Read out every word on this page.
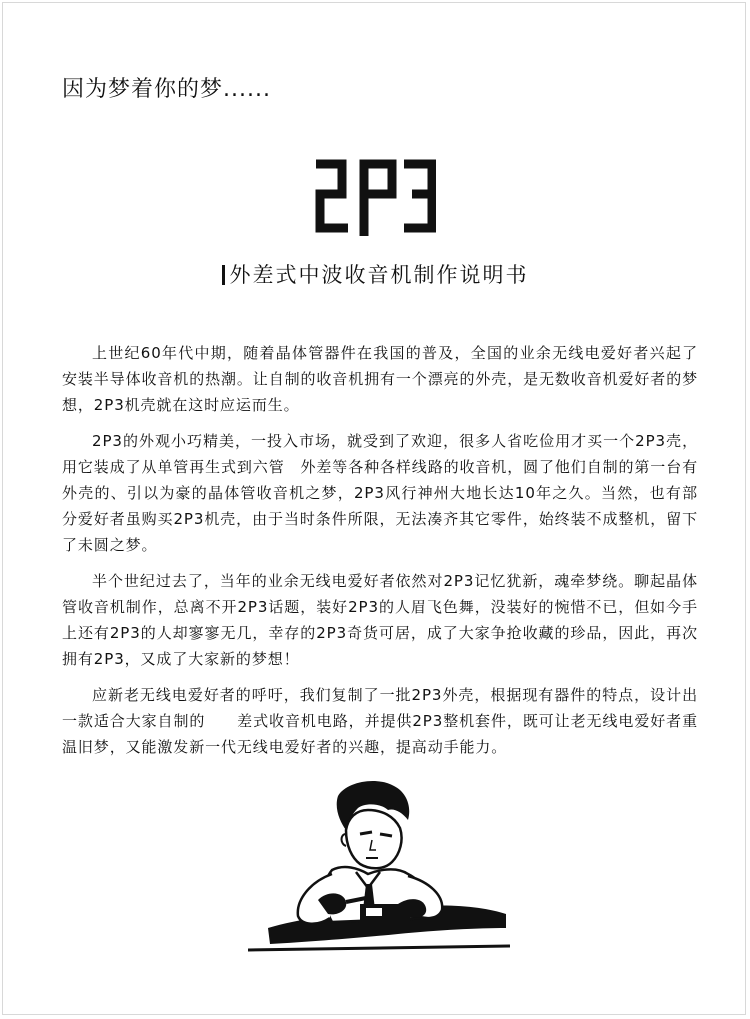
因为梦着你的梦......
外差式中波收音机制作说明书

上世纪60年代中期，随着晶体管器件在我国的普及，全国的业余无线电爱好者兴起了安装半导体收音机的热潮。让自制的收音机拥有一个漂亮的外壳，是无数收音机爱好者的梦想，2P3机壳就在这时应运而生。

2P3的外观小巧精美，一投入市场，就受到了欢迎，很多人省吃俭用才买一个2P3壳，用它装成了从单管再生式到六管　外差等各种各样线路的收音机，圆了他们自制的第一台有外壳的、引以为豪的晶体管收音机之梦，2P3风行神州大地长达10年之久。当然，也有部分爱好者虽购买2P3机壳，由于当时条件所限，无法凑齐其它零件，始终装不成整机，留下了未圆之梦。

半个世纪过去了，当年的业余无线电爱好者依然对2P3记忆犹新，魂牵梦绕。聊起晶体管收音机制作，总离不开2P3话题，装好2P3的人眉飞色舞，没装好的惋惜不已，但如今手上还有2P3的人却寥寥无几，幸存的2P3奇货可居，成了大家争抢收藏的珍品，因此，再次拥有2P3，又成了大家新的梦想！

应新老无线电爱好者的呼吁，我们复制了一批2P3外壳，根据现有器件的特点，设计出一款适合大家自制的　　差式收音机电路，并提供2P3整机套件，既可让老无线电爱好者重温旧梦，又能激发新一代无线电爱好者的兴趣，提高动手能力。
